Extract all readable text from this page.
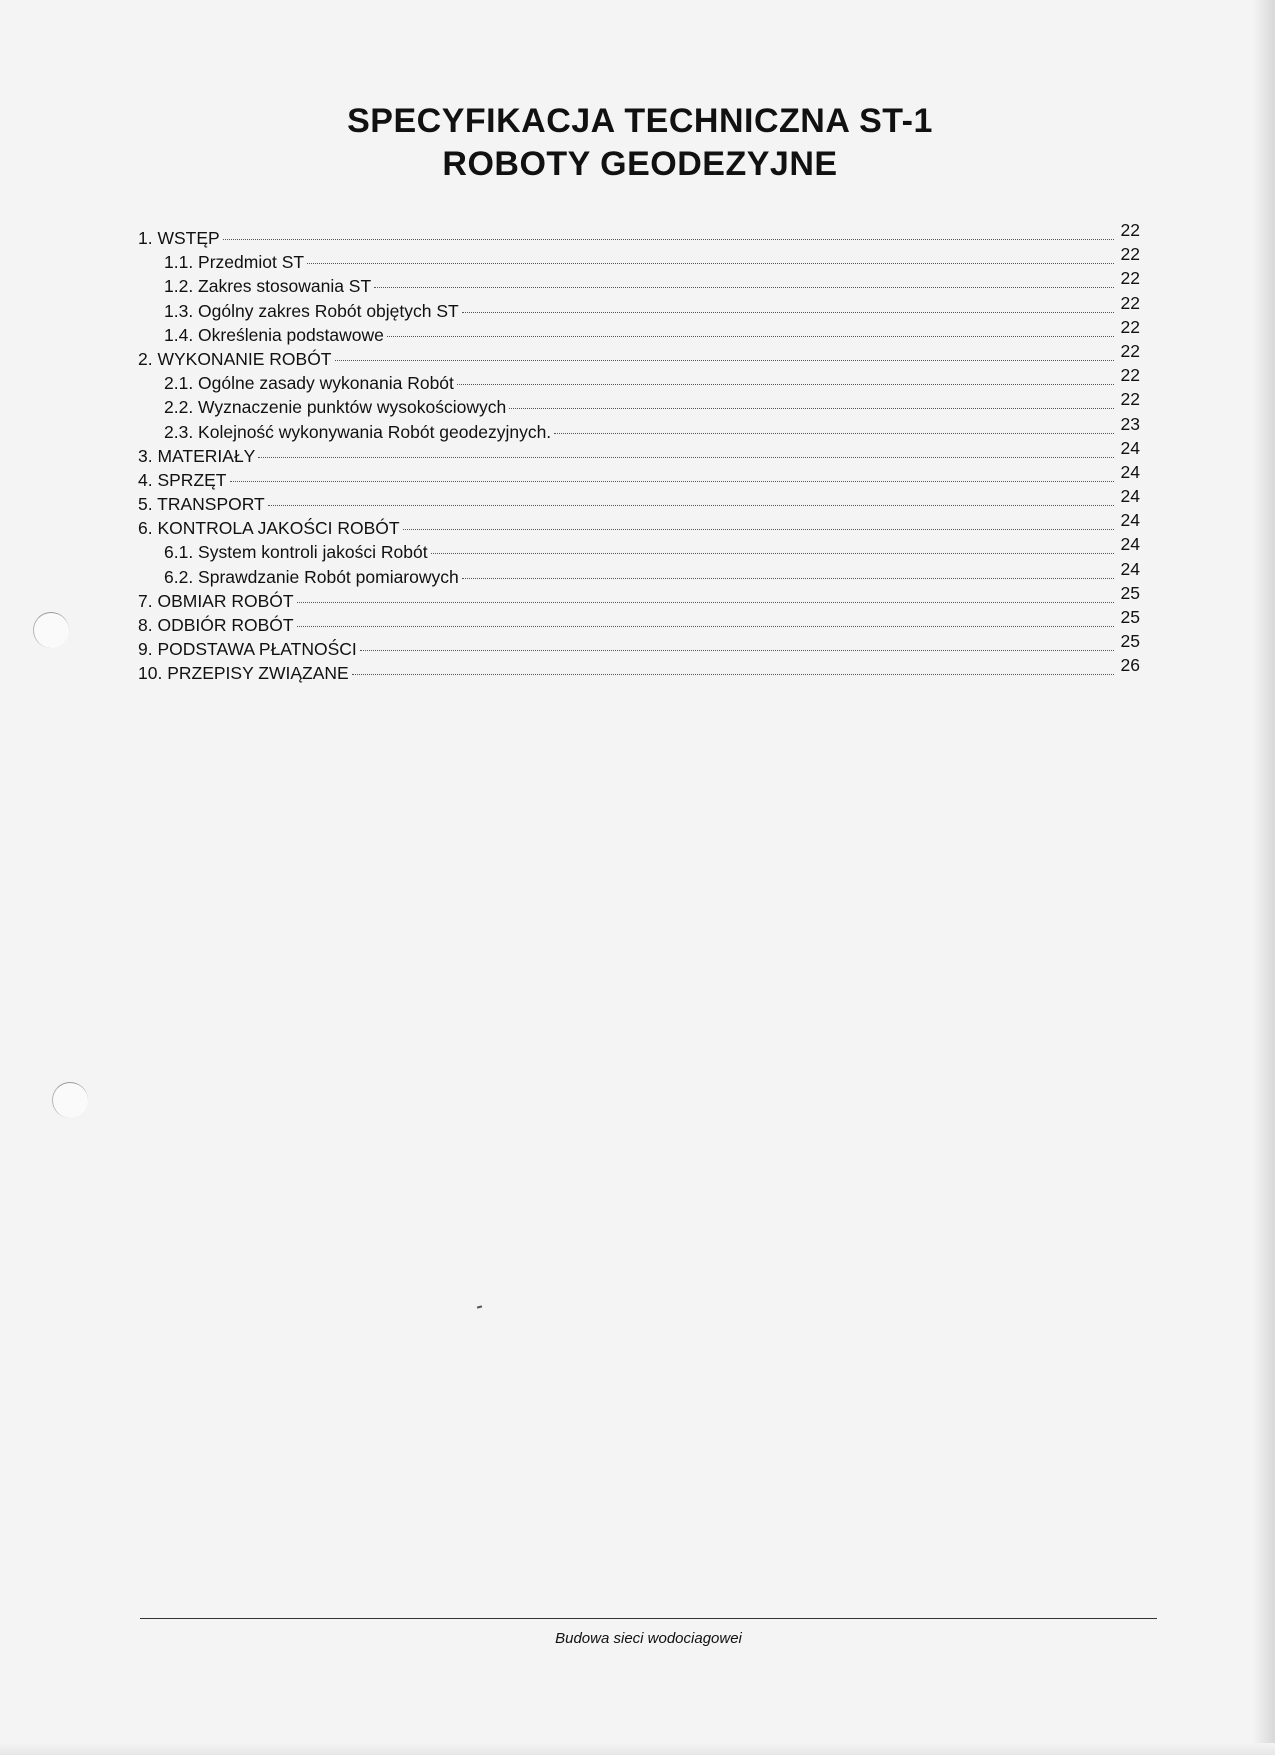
SPECYFIKACJA TECHNICZNA ST-1
ROBOTY GEODEZYJNE
1. WSTĘP	22
1.1. Przedmiot ST	22
1.2. Zakres stosowania ST	22
1.3. Ogólny zakres Robót objętych ST	22
1.4. Określenia podstawowe	22
2. WYKONANIE ROBÓT	22
2.1. Ogólne zasady wykonania Robót	22
2.2. Wyznaczenie punktów wysokościowych	22
2.3. Kolejność wykonywania Robót geodezyjnych.	23
3. MATERIAŁY	24
4. SPRZĘT	24
5. TRANSPORT	24
6. KONTROLA JAKOŚCI ROBÓT	24
6.1. System kontroli jakości Robót	24
6.2. Sprawdzanie Robót pomiarowych	24
7. OBMIAR ROBÓT	25
8. ODBIÓR ROBÓT	25
9. PODSTAWA PŁATNOŚCI	25
10. PRZEPISY ZWIĄZANE	26
Budowa sieci wodociagowei
